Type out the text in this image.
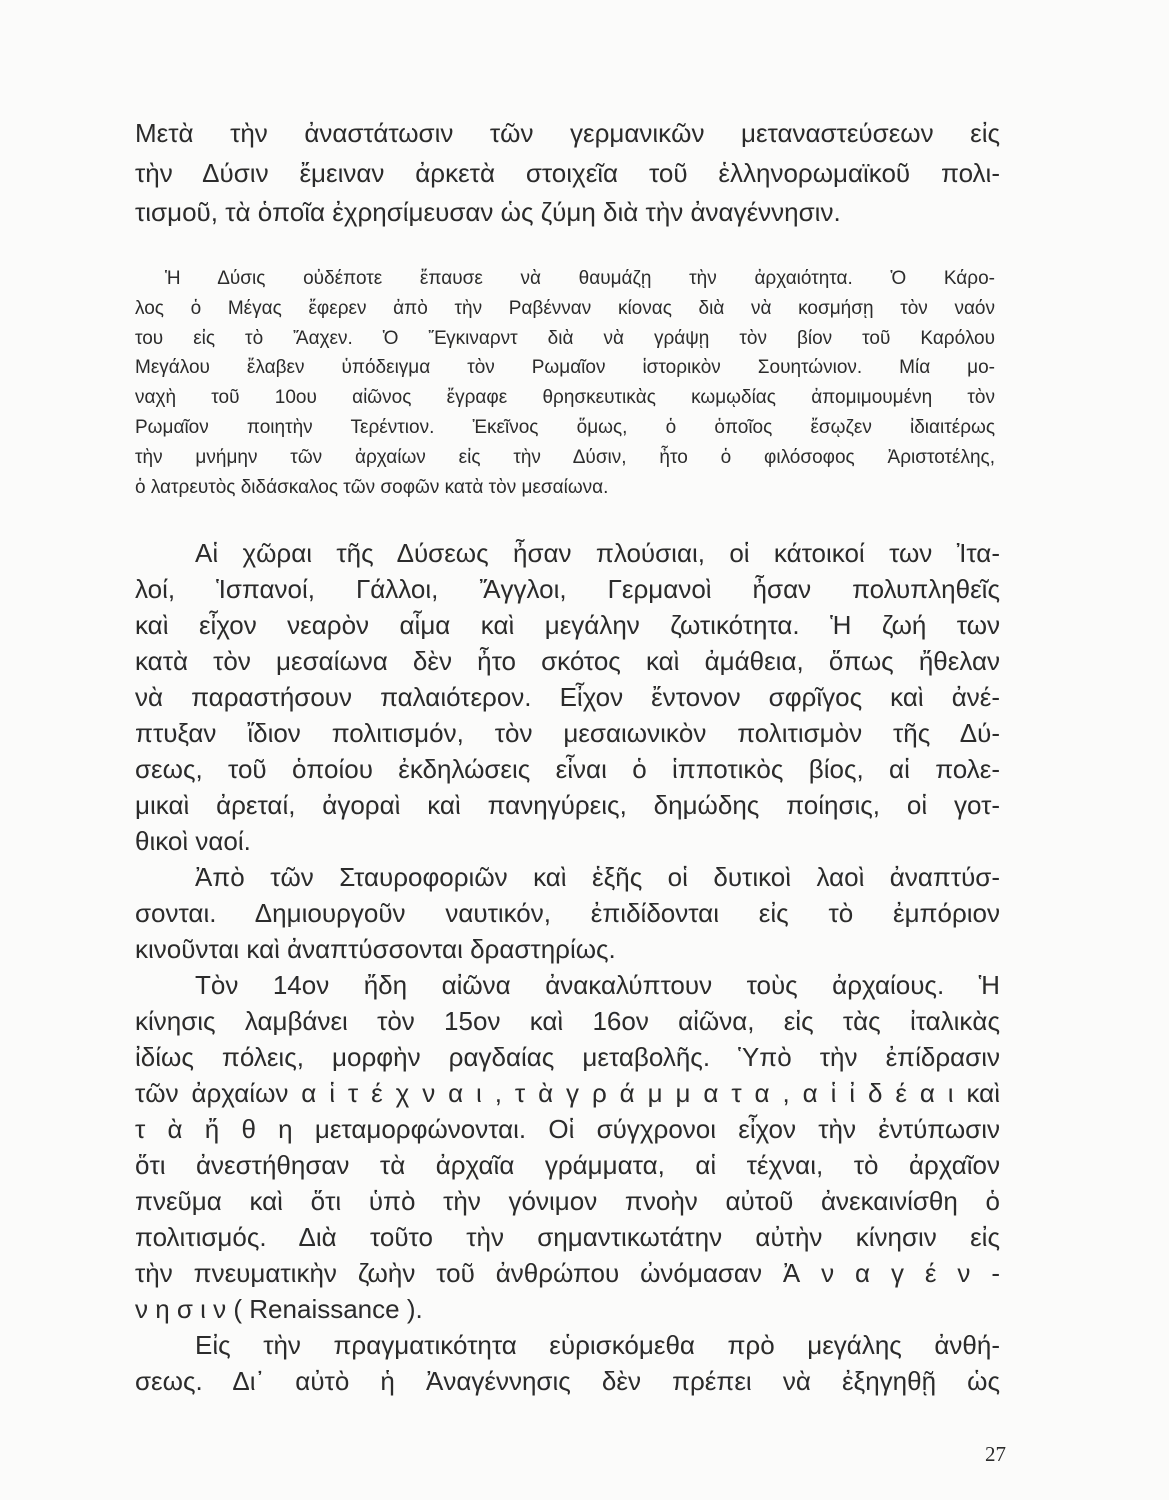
Μετὰ τὴν ἀναστάτωσιν τῶν γερμανικῶν μεταναστεύσεων εἰς
τὴν Δύσιν ἔμειναν ἀρκετὰ στοιχεῖα τοῦ ἑλληνορωμαϊκοῦ πολι-
τισμοῦ, τὰ ὁποῖα ἐχρησίμευσαν ὡς ζύμη διὰ τὴν ἀναγέννησιν.
Ἡ Δύσις οὐδέποτε ἔπαυσε νὰ θαυμάζῃ τὴν ἀρχαιότητα. Ὁ Κάρο-
λος ὁ Μέγας ἔφερεν ἀπὸ τὴν Ραβένναν κίονας διὰ νὰ κοσμήσῃ τὸν ναόν
του εἰς τὸ Ἄαχεν. Ὁ Ἔγκιναρντ διὰ νὰ γράψῃ τὸν βίον τοῦ Καρόλου
Μεγάλου ἔλαβεν ὑπόδειγμα τὸν Ρωμαῖον ἱστορικὸν Σουητώνιον. Μία μο-
ναχὴ τοῦ 10ου αἰῶνος ἔγραφε θρησκευτικὰς κωμῳδίας ἀπομιμουμένη τὸν
Ρωμαῖον ποιητὴν Τερέντιον. Ἐκεῖνος ὅμως, ὁ ὁποῖος ἔσῳζεν ἰδιαιτέρως
τὴν μνήμην τῶν ἀρχαίων εἰς τὴν Δύσιν, ἦτο ὁ φιλόσοφος Ἀριστοτέλης,
ὁ λατρευτὸς διδάσκαλος τῶν σοφῶν κατὰ τὸν μεσαίωνα.
Αἱ χῶραι τῆς Δύσεως ἦσαν πλούσιαι, οἱ κάτοικοί των Ἰτα-
λοί, Ἱσπανοί, Γάλλοι, Ἄγγλοι, Γερμανοὶ ἦσαν πολυπληθεῖς
καὶ εἶχον νεαρὸν αἷμα καὶ μεγάλην ζωτικότητα. Ἡ ζωή των
κατὰ τὸν μεσαίωνα δὲν ἦτο σκότος καὶ ἀμάθεια, ὅπως ἤθελαν
νὰ παραστήσουν παλαιότερον. Εἶχον ἔντονον σφρῖγος καὶ ἀνέ-
πτυξαν ἴδιον πολιτισμόν, τὸν μεσαιωνικὸν πολιτισμὸν τῆς Δύ-
σεως, τοῦ ὁποίου ἐκδηλώσεις εἶναι ὁ ἱπποτικὸς βίος, αἱ πολε-
μικαὶ ἀρεταί, ἀγοραὶ καὶ πανηγύρεις, δημώδης ποίησις, οἱ γοτ-
θικοὶ ναοί.
Ἀπὸ τῶν Σταυροφοριῶν καὶ ἑξῆς οἱ δυτικοὶ λαοὶ ἀναπτύσ-
σονται. Δημιουργοῦν ναυτικόν, ἐπιδίδονται εἰς τὸ ἐμπόριον
κινοῦνται καὶ ἀναπτύσσονται δραστηρίως.
Τὸν 14ον ἤδη αἰῶνα ἀνακαλύπτουν τοὺς ἀρχαίους. Ἡ
κίνησις λαμβάνει τὸν 15ον καὶ 16ον αἰῶνα, εἰς τὰς ἰταλικὰς
ἰδίως πόλεις, μορφὴν ραγδαίας μεταβολῆς. Ὑπὸ τὴν ἐπίδρασιν
τῶν ἀρχαίων α ἱ τ έ χ ν α ι , τ ὰ γ ρ ά μ μ α τ α , α ἱ ἰ δ έ α ι καὶ
τ ὰ ἤ θ η μεταμορφώνονται. Οἱ σύγχρονοι εἶχον τὴν ἐντύπωσιν
ὅτι ἀνεστήθησαν τὰ ἀρχαῖα γράμματα, αἱ τέχναι, τὸ ἀρχαῖον
πνεῦμα καὶ ὅτι ὑπὸ τὴν γόνιμον πνοὴν αὐτοῦ ἀνεκαινίσθη ὁ
πολιτισμός. Διὰ τοῦτο τὴν σημαντικωτάτην αὐτὴν κίνησιν εἰς
τὴν πνευματικὴν ζωὴν τοῦ ἀνθρώπου ὠνόμασαν Ἀ ν α γ έ ν -
ν η σ ι ν ( Renaissance ).
Εἰς τὴν πραγματικότητα εὑρισκόμεθα πρὸ μεγάλης ἀνθή-
σεως. Δι᾽ αὐτὸ ἡ Ἀναγέννησις δὲν πρέπει νὰ ἐξηγηθῇ ὡς
27
